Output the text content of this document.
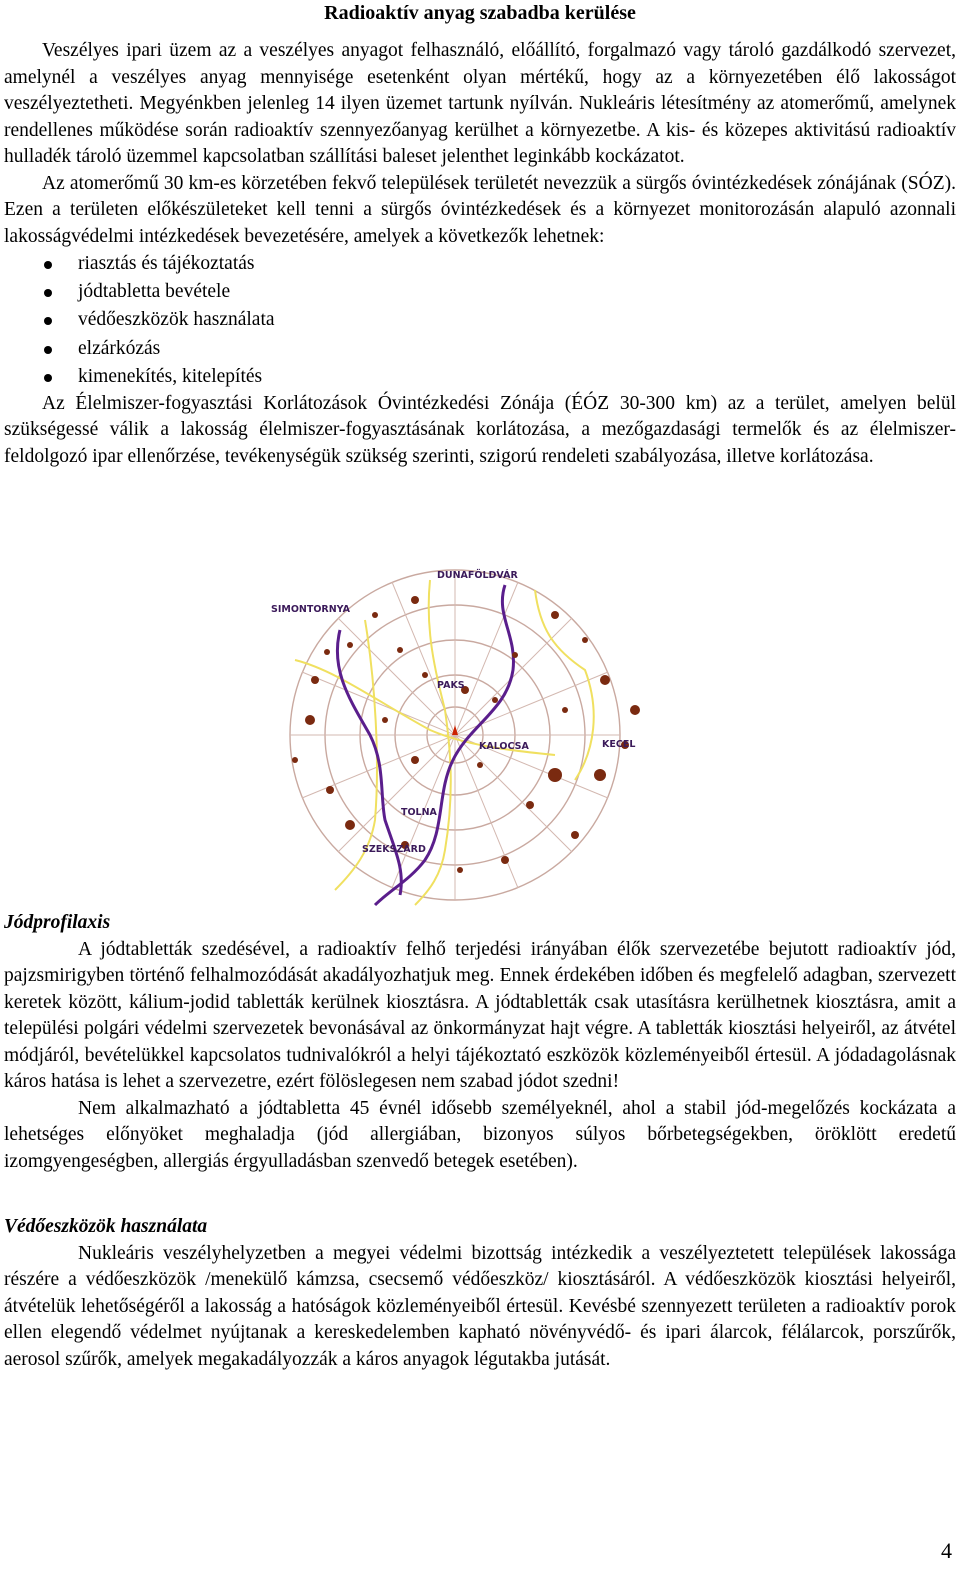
Radioaktív anyag szabadba kerülése

Veszélyes ipari üzem az a veszélyes anyagot felhasználó, előállító, forgalmazó vagy tároló gazdálkodó szervezet, amelynél a veszélyes anyag mennyisége esetenként olyan mértékű, hogy az a környezetében élő lakosságot veszélyeztetheti. Megyénkben jelenleg 14 ilyen üzemet tartunk nyílván. Nukleáris létesítmény az atomerőmű, amelynek rendellenes működése során radioaktív szennyezőanyag kerülhet a környezetbe. A kis- és közepes aktivitású radioaktív hulladék tároló üzemmel kapcsolatban szállítási baleset jelenthet leginkább kockázatot.

Az atomerőmű 30 km-es körzetében fekvő települések területét nevezzük a sürgős óvintézkedések zónájának (SÓZ). Ezen a területen előkészületeket kell tenni a sürgős óvintézkedések és a környezet monitorozásán alapuló azonnali lakosságvédelmi intézkedések bevezetésére, amelyek a következők lehetnek:

riasztás és tájékoztatás
jódtabletta bevétele
védőeszközök használata
elzárkózás
kimenekítés, kitelepítés

Az Élelmiszer-fogyasztási Korlátozások Óvintézkedési Zónája (ÉÓZ 30-300 km) az a terület, amelyen belül szükségessé válik a lakosság élelmiszer-fogyasztásának korlátozása, a mezőgazdasági termelők és az élelmiszer-feldolgozó ipar ellenőrzése, tevékenységük szükség szerinti, szigorú rendeleti szabályozása, illetve korlátozása.

DUNAFÖLDVÁR
SIMONTORNYA
PAKS
KALOCSA	KECEL
TOLNA
SZEKSZÁRD

Jódprofilaxis

A jódtabletták szedésével, a radioaktív felhő terjedési irányában élők szervezetébe bejutott radioaktív jód, pajzsmirigyben történő felhalmozódását akadályozhatjuk meg. Ennek érdekében időben és megfelelő adagban, szervezett keretek között, kálium-jodid tabletták kerülnek kiosztásra. A jódtabletták csak utasításra kerülhetnek kiosztásra, amit a települési polgári védelmi szervezetek bevonásával az önkormányzat hajt végre. A tabletták kiosztási helyeiről, az átvétel módjáról, bevételükkel kapcsolatos tudnivalókról a helyi tájékoztató eszközök közleményeiből értesül. A jódadagolásnak káros hatása is lehet a szervezetre, ezért fölöslegesen nem szabad jódot szedni!

Nem alkalmazható a jódtabletta 45 évnél idősebb személyeknél, ahol a stabil jód-megelőzés kockázata a lehetséges előnyöket meghaladja (jód allergiában, bizonyos súlyos bőrbetegségekben, öröklött eredetű izomgyengeségben, allergiás érgyulladásban szenvedő betegek esetében).

Védőeszközök használata

Nukleáris veszélyhelyzetben a megyei védelmi bizottság intézkedik a veszélyeztetett települések lakossága részére a védőeszközök /menekülő kámzsa, csecsemő védőeszköz/ kiosztásáról. A védőeszközök kiosztási helyeiről, átvételük lehetőségéről a lakosság a hatóságok közleményeiből értesül. Kevésbé szennyezett területen a radioaktív porok ellen elegendő védelmet nyújtanak a kereskedelemben kapható növényvédő- és ipari álarcok, félálarcok, porszűrők, aerosol szűrők, amelyek megakadályozzák a káros anyagok légutakba jutását.

4
